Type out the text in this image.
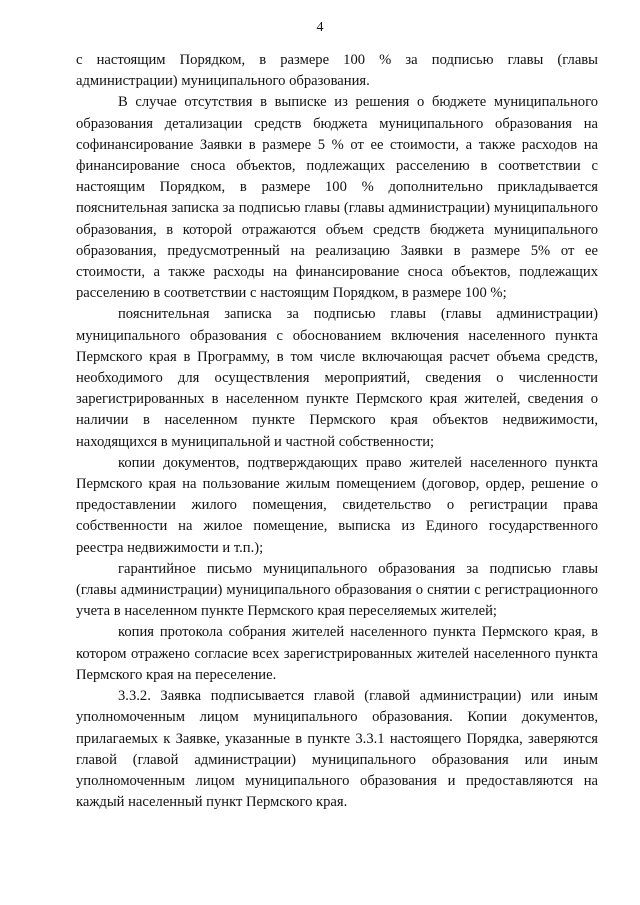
4

с настоящим Порядком, в размере 100 % за подписью главы (главы администрации) муниципального образования.

В случае отсутствия в выписке из решения о бюджете муниципального образования детализации средств бюджета муниципального образования на софинансирование Заявки в размере 5 % от ее стоимости, а также расходов на финансирование сноса объектов, подлежащих расселению в соответствии с настоящим Порядком, в размере 100 % дополнительно прикладывается пояснительная записка за подписью главы (главы администрации) муниципального образования, в которой отражаются объем средств бюджета муниципального образования, предусмотренный на реализацию Заявки в размере 5% от ее стоимости, а также расходы на финансирование сноса объектов, подлежащих расселению в соответствии с настоящим Порядком, в размере 100 %;

пояснительная записка за подписью главы (главы администрации) муниципального образования с обоснованием включения населенного пункта Пермского края в Программу, в том числе включающая расчет объема средств, необходимого для осуществления мероприятий, сведения о численности зарегистрированных в населенном пункте Пермского края жителей, сведения о наличии в населенном пункте Пермского края объектов недвижимости, находящихся в муниципальной и частной собственности;

копии документов, подтверждающих право жителей населенного пункта Пермского края на пользование жилым помещением (договор, ордер, решение о предоставлении жилого помещения, свидетельство о регистрации права собственности на жилое помещение, выписка из Единого государственного реестра недвижимости и т.п.);

гарантийное письмо муниципального образования за подписью главы (главы администрации) муниципального образования о снятии с регистрационного учета в населенном пункте Пермского края переселяемых жителей;

копия протокола собрания жителей населенного пункта Пермского края, в котором отражено согласие всех зарегистрированных жителей населенного пункта Пермского края на переселение.

3.3.2. Заявка подписывается главой (главой администрации) или иным уполномоченным лицом муниципального образования. Копии документов, прилагаемых к Заявке, указанные в пункте 3.3.1 настоящего Порядка, заверяются главой (главой администрации) муниципального образования или иным уполномоченным лицом муниципального образования и предоставляются на каждый населенный пункт Пермского края.
